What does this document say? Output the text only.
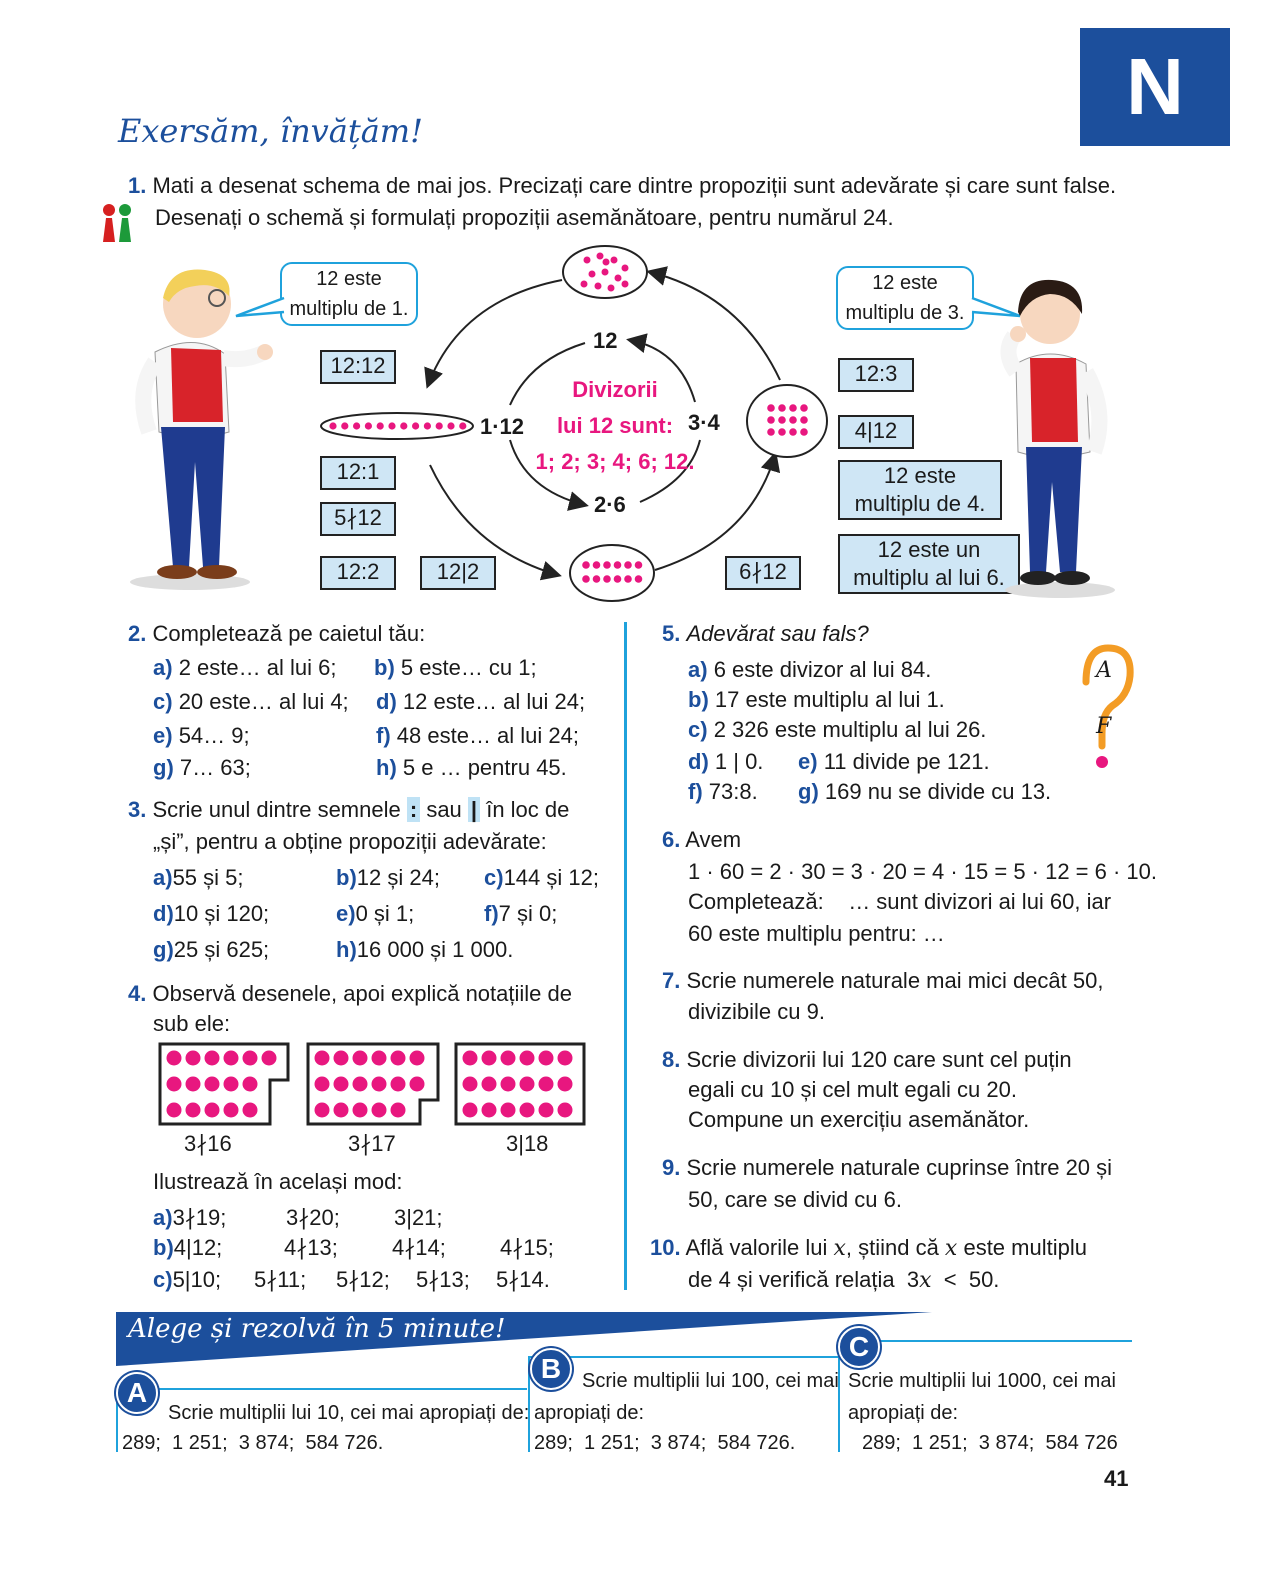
N
Exersăm, învățăm!
1. Mati a desenat schema de mai jos. Precizați care dintre propoziții sunt adevărate și care sunt false.
Desenați o schemă și formulați propoziții asemănătoare, pentru numărul 24.
12
1·12	3·4
2·6
Divizorii
lui 12 sunt:
1; 2; 3; 4; 6; 12.
12:12
12:1
5∤12
12:2	12|2
12:3
4|12
6∤12
12 este
multiplu de 4.
12 este un
multiplu al lui 6.
12 este
multiplu de 1.
12 este
multiplu de 3.
2. Completează pe caietul tău:
a) 2 este… al lui 6; b) 5 este… cu 1;
c) 20 este… al lui 4; d) 12 este… al lui 24;
e) 54… 9;	f) 48 este… al lui 24;
g) 7… 63;	h) 5 e … pentru 45.
3. Scrie unul dintre semnele : sau | în loc de
„și”, pentru a obține propoziții adevărate:
a)55 și 5;	b)12 și 24; c)144 și 12;
d)10 și 120;	e)0 și 1;	f)7 și 0;
g)25 și 625;	h)16 000 și 1 000.
4. Observă desenele, apoi explică notațiile de
sub ele:
3∤16	3∤17	3|18
Ilustrează în același mod:
a)3∤19;	3∤20; 3|21;
b)4|12;	4∤13; 4∤14; 4∤15;
c)5|10; 5∤11; 5∤12; 5∤13; 5∤14.
5. Adevărat sau fals?
a) 6 este divizor al lui 84.
b) 17 este multiplu al lui 1.
c) 2 326 este multiplu al lui 26.
d) 1 | 0. e) 11 divide pe 121.
f) 73:8. g) 169 nu se divide cu 13.
A
F
6. Avem
1 · 60 = 2 · 30 = 3 · 20 = 4 · 15 = 5 · 12 = 6 · 10.
Completează:    … sunt divizori ai lui 60, iar
60 este multiplu pentru: …
7. Scrie numerele naturale mai mici decât 50,
divizibile cu 9.
8. Scrie divizorii lui 120 care sunt cel puțin
egali cu 10 și cel mult egali cu 20.
Compune un exercițiu asemănător.
9. Scrie numerele naturale cuprinse între 20 și
50, care se divid cu 6.
10. Află valorile lui x, știind că x este multiplu
de 4 și verifică relația  3x  <  50.
Alege și rezolvă în 5 minute!
A
B
C
Scrie multiplii lui 10, cei mai apropiați de:
289;  1 251;  3 874;  584 726.
Scrie multiplii lui 100, cei mai
apropiați de:
289;  1 251;  3 874;  584 726.
Scrie multiplii lui 1000, cei mai
apropiați de:
289;  1 251;  3 874;  584 726
41
